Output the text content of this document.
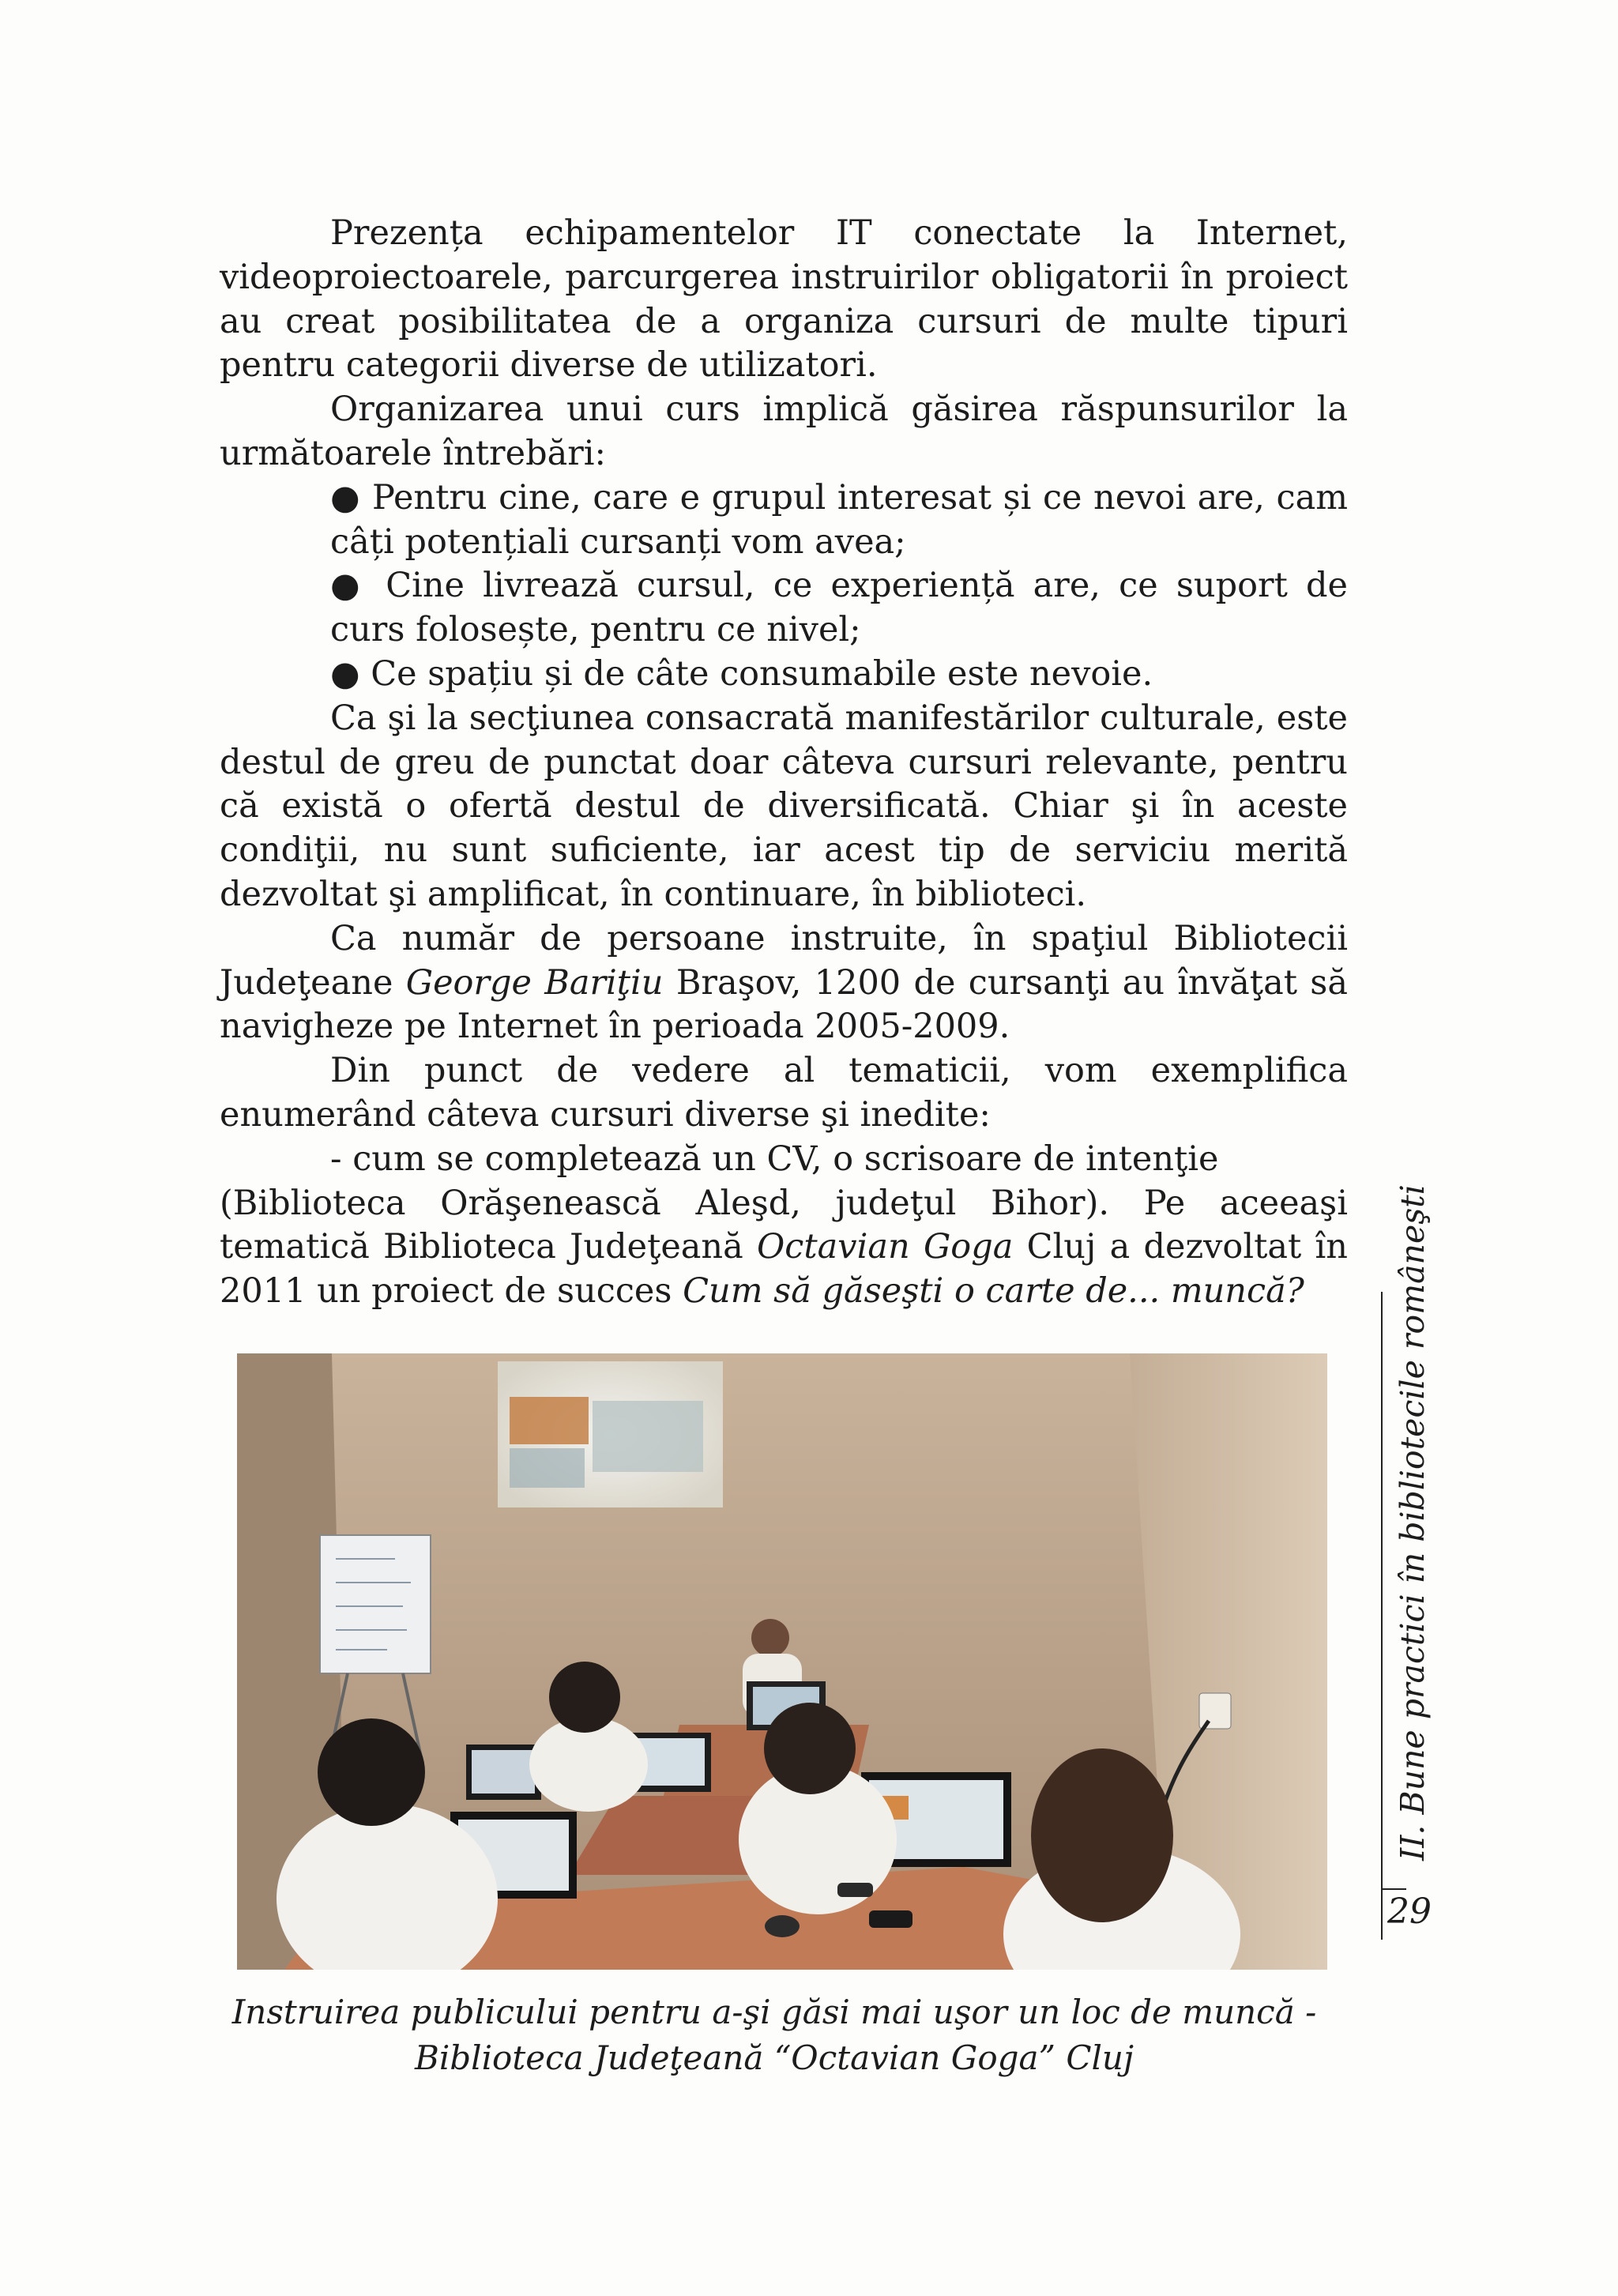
Prezența echipamentelor IT conectate la Internet, videoproiectoarele, parcurgerea instruirilor obligatorii în proiect au creat posibilitatea de a organiza cursuri de multe tipuri pentru categorii diverse de utilizatori.

Organizarea unui curs implică găsirea răspunsurilor la următoarele întrebări:

● Pentru cine, care e grupul interesat și ce nevoi are, cam câți potențiali cursanți vom avea;

● Cine livrează cursul, ce experiență are, ce suport de curs folosește, pentru ce nivel;

● Ce spațiu și de câte consumabile este nevoie.

Ca şi la secţiunea consacrată manifestărilor culturale, este destul de greu de punctat doar câteva cursuri relevante, pentru că există o ofertă destul de diversificată. Chiar şi în aceste condiţii, nu sunt suficiente, iar acest tip de serviciu merită dezvoltat şi amplificat, în continuare, în biblioteci.

Ca număr de persoane instruite, în spaţiul Bibliotecii Judeţeane George Bariţiu Braşov, 1200 de cursanţi au învăţat să navigheze pe Internet în perioada 2005-2009.

Din punct de vedere al tematicii, vom exemplifica enumerând câteva cursuri diverse şi inedite:

- cum se completează un CV, o scrisoare de intenţie

(Biblioteca Orăşenească Aleşd, judeţul Bihor). Pe aceeaşi tematică Biblioteca Judeţeană Octavian Goga Cluj a dezvoltat în 2011 un proiect de succes Cum să găseşti o carte de... muncă?

Instruirea publicului pentru a-şi găsi mai uşor un loc de muncă -
Biblioteca Judeţeană “Octavian Goga” Cluj
II. Bune practici în bibliotecile româneşti
29
